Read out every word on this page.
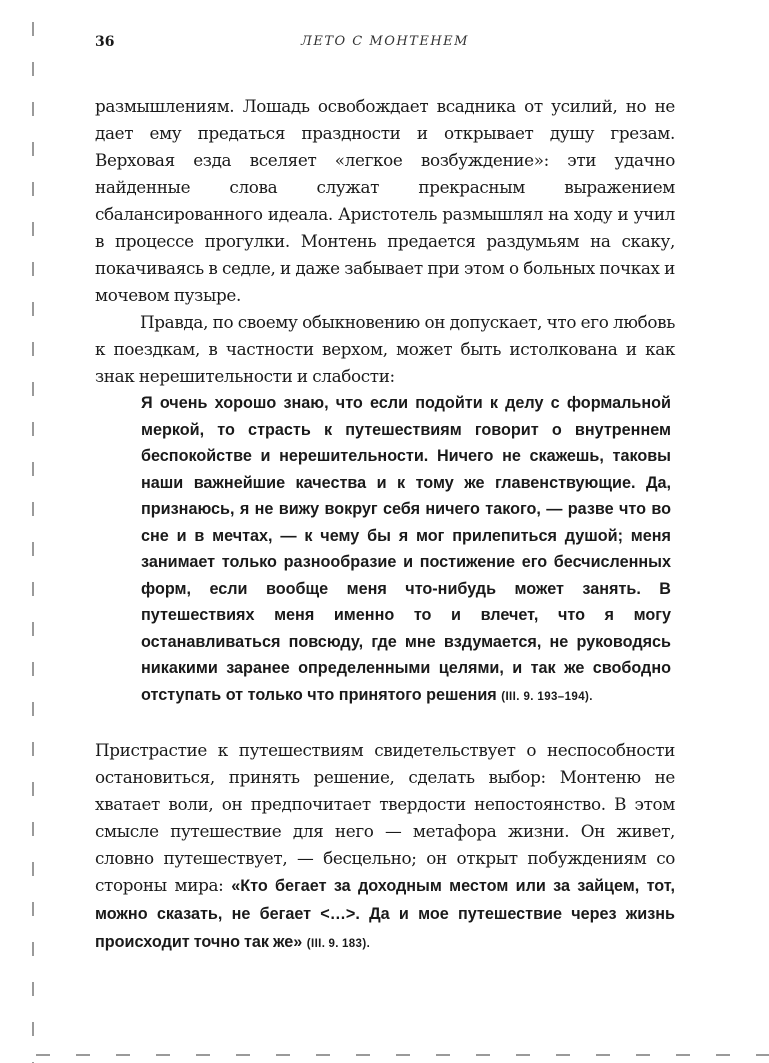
36	ЛЕТО С МОНТЕНЕМ

размышлениям. Лошадь освобождает всадника от усилий, но не дает ему предаться праздности и открывает душу грезам. Верховая езда вселяет «легкое возбуждение»: эти удачно найденные слова служат прекрасным выражением сбалансированного идеала. Аристотель размышлял на ходу и учил в процессе прогулки. Монтень предается раздумьям на скаку, покачиваясь в седле, и даже забывает при этом о больных почках и мочевом пузыре.

Правда, по своему обыкновению он допускает, что его любовь к поездкам, в частности верхом, может быть истолкована и как знак нерешительности и слабости:

Я очень хорошо знаю, что если подойти к делу с формальной меркой, то страсть к путешествиям говорит о внутреннем беспокойстве и нерешительности. Ничего не скажешь, таковы наши важнейшие качества и к тому же главенствующие. Да, признаюсь, я не вижу вокруг себя ничего такого, — разве что во сне и в мечтах, — к чему бы я мог прилепиться душой; меня занимает только разнообразие и постижение его бесчисленных форм, если вообще меня что-нибудь может занять. В путешествиях меня именно то и влечет, что я могу останавливаться повсюду, где мне вздумается, не руководясь никакими заранее определенными целями, и так же свободно отступать от только что принятого решения (III. 9. 193–194).

Пристрастие к путешествиям свидетельствует о неспособности остановиться, принять решение, сделать выбор: Монтеню не хватает воли, он предпочитает твердости непостоянство. В этом смысле путешествие для него — метафора жизни. Он живет, словно путешествует, — бесцельно; он открыт побуждениям со стороны мира: «Кто бегает за доходным местом или за зайцем, тот, можно сказать, не бегает <…>. Да и мое путешествие через жизнь происходит точно так же» (III. 9. 183).
